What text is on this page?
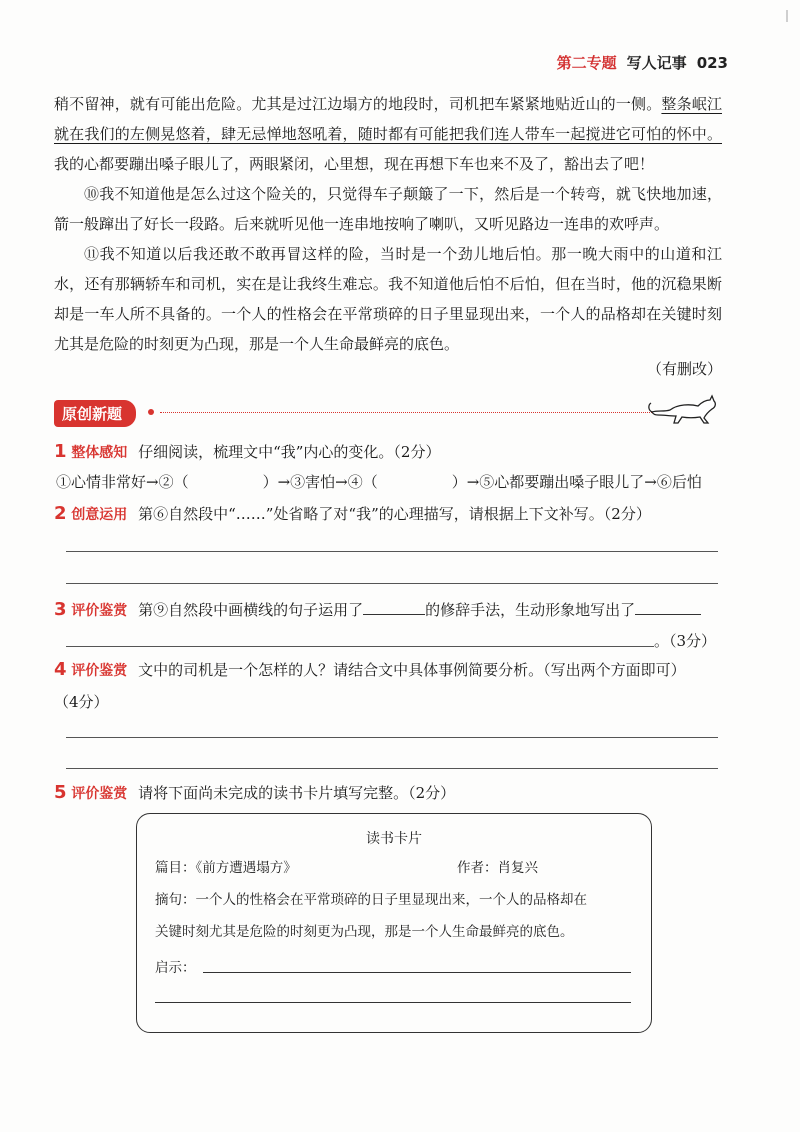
第二专题 写人记事 023

稍不留神，就有可能出危险。尤其是过江边塌方的地段时，司机把车紧紧地贴近山的一侧。整条岷江就在我们的左侧晃悠着，肆无忌惮地怒吼着，随时都有可能把我们连人带车一起搅进它可怕的怀中。我的心都要蹦出嗓子眼儿了，两眼紧闭，心里想，现在再想下车也来不及了，豁出去了吧！

⑩我不知道他是怎么过这个险关的，只觉得车子颠簸了一下，然后是一个转弯，就飞快地加速，箭一般蹿出了好长一段路。后来就听见他一连串地按响了喇叭，又听见路边一连串的欢呼声。

⑪我不知道以后我还敢不敢再冒这样的险，当时是一个劲儿地后怕。那一晚大雨中的山道和江水，还有那辆轿车和司机，实在是让我终生难忘。我不知道他后怕不后怕，但在当时，他的沉稳果断却是一车人所不具备的。一个人的性格会在平常琐碎的日子里显现出来，一个人的品格却在关键时刻尤其是危险的时刻更为凸现，那是一个人生命最鲜亮的底色。

（有删改）
原创新题
1 整体感知 仔细阅读，梳理文中“我”内心的变化。（2分）
①心情非常好→②（	）→③害怕→④（	）→⑤心都要蹦出嗓子眼儿了→⑥后怕
2 创意运用 第⑥自然段中“……”处省略了对“我”的心理描写，请根据上下文补写。（2分）
3 评价鉴赏 第⑨自然段中画横线的句子运用了	的修辞手法，生动形象地写出了
。（3分）
4 评价鉴赏 文中的司机是一个怎样的人？请结合文中具体事例简要分析。（写出两个方面即可）
（4分）
5 评价鉴赏 请将下面尚未完成的读书卡片填写完整。（2分）
读书卡片
篇目：《前方遭遇塌方》	作者：肖复兴
摘句：一个人的性格会在平常琐碎的日子里显现出来，一个人的品格却在
关键时刻尤其是危险的时刻更为凸现，那是一个人生命最鲜亮的底色。
启示：
